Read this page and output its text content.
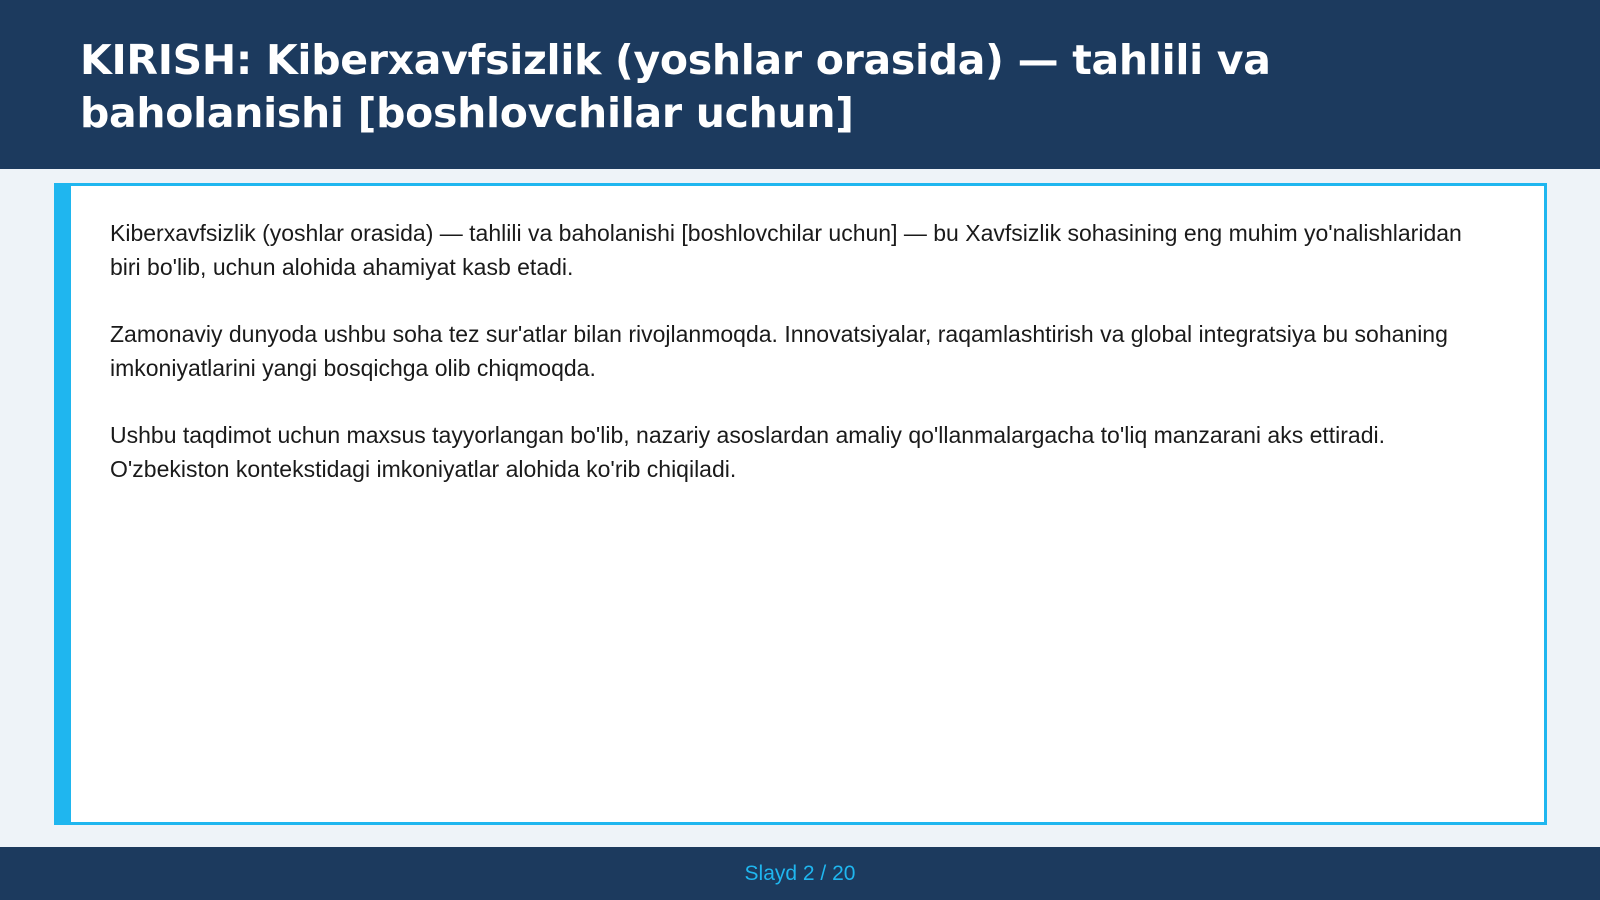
KIRISH: Kiberxavfsizlik (yoshlar orasida) — tahlili va baholanishi [boshlovchilar uchun]

Kiberxavfsizlik (yoshlar orasida) — tahlili va baholanishi [boshlovchilar uchun] — bu Xavfsizlik sohasining eng muhim yo'nalishlaridan biri bo'lib, uchun alohida ahamiyat kasb etadi.

Zamonaviy dunyoda ushbu soha tez sur'atlar bilan rivojlanmoqda. Innovatsiyalar, raqamlashtirish va global integratsiya bu sohaning imkoniyatlarini yangi bosqichga olib chiqmoqda.

Ushbu taqdimot uchun maxsus tayyorlangan bo'lib, nazariy asoslardan amaliy qo'llanmalargacha to'liq manzarani aks ettiradi. O'zbekiston kontekstidagi imkoniyatlar alohida ko'rib chiqiladi.

Slayd 2 / 20
